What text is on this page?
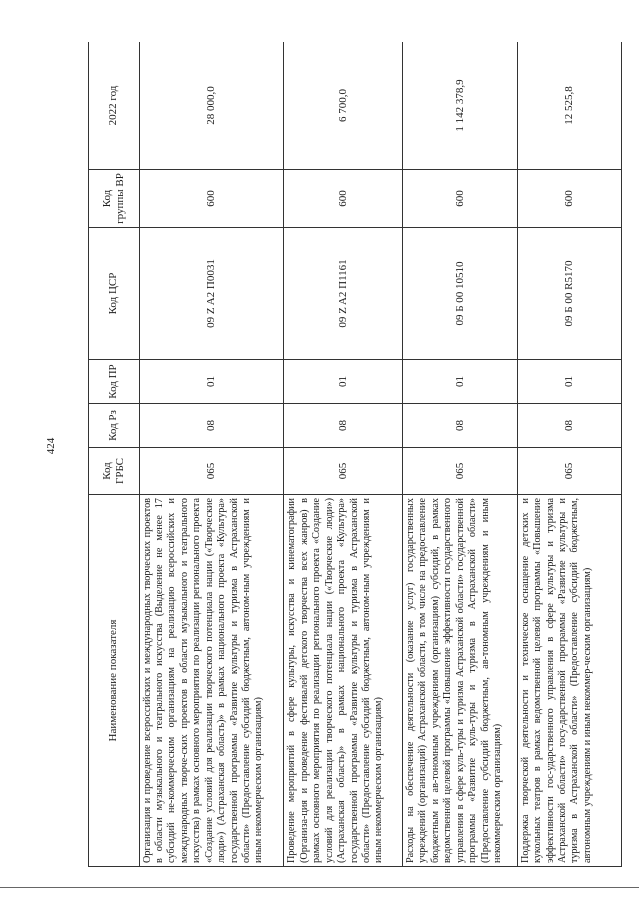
424
Наименование показателя	Код ГРБС	Код Рз	Код ПР	Код ЦСР	Код группы ВР	2022 год
Организация и проведение всероссийских и международных творческих проектов в области музыкального и театрального искусства (Выделение не менее 17 субсидий не-коммерческим организациям на реализацию всероссийских и международных творче-ских проектов в области музыкального и театрального искусства) в рамках основного мероприятия по реализации регионального проекта «Создание условий для реализации творческого потенциала нации («Творческие люди») (Астраханская область)» в рамках национального проекта «Культура» государственной программы «Развитие культуры и туризма в Астраханской области» (Предоставление субсидий бюджетным, автоном-ным учреждениям и иным некоммерческим организациям)	065	08	01	09 Z A2 П0031	600	28 000,0
Проведение мероприятий в сфере культуры, искусства и кинематографии (Организа-ция и проведение фестивалей детского творчества всех жанров) в рамках основного мероприятия по реализации регионального проекта «Создание условий для реализации творческого потенциала нации («Творческие люди») (Астраханская область)» в рамках национального проекта «Культура» государственной программы «Развитие культуры и туризма в Астраханской области» (Предоставление субсидий бюджетным, автоном-ным учреждениям и иным некоммерческим организациям)	065	08	01	09 Z A2 П1161	600	6 700,0
Расходы на обеспечение деятельности (оказание услуг) государственных учреждений (организаций) Астраханской области, в том числе на предоставление бюджетным и ав-тономным учреждениям (организациям) субсидий, в рамках ведомственной целевой программы «Повышение эффективности государственного управления в сфере куль-туры и туризма Астраханской области» государственной программы «Развитие куль-туры и туризма в Астраханской области» (Предоставление субсидий бюджетным, ав-тономным учреждениям и иным некоммерческим организациям)	065	08	01	09 Б 00 10510	600	1 142 378,9
Поддержка творческой деятельности и техническое оснащение детских и кукольных театров в рамках ведомственной целевой программы «Повышение эффективности гос-ударственного управления в сфере культуры и туризма Астраханской области» госу-дарственной программы «Развитие культуры и туризма в Астраханской области» (Предоставление субсидий бюджетным, автономным учреждениям и иным некоммер-ческим организациям)	065	08	01	09 Б 00 R5170	600	12 525,8
